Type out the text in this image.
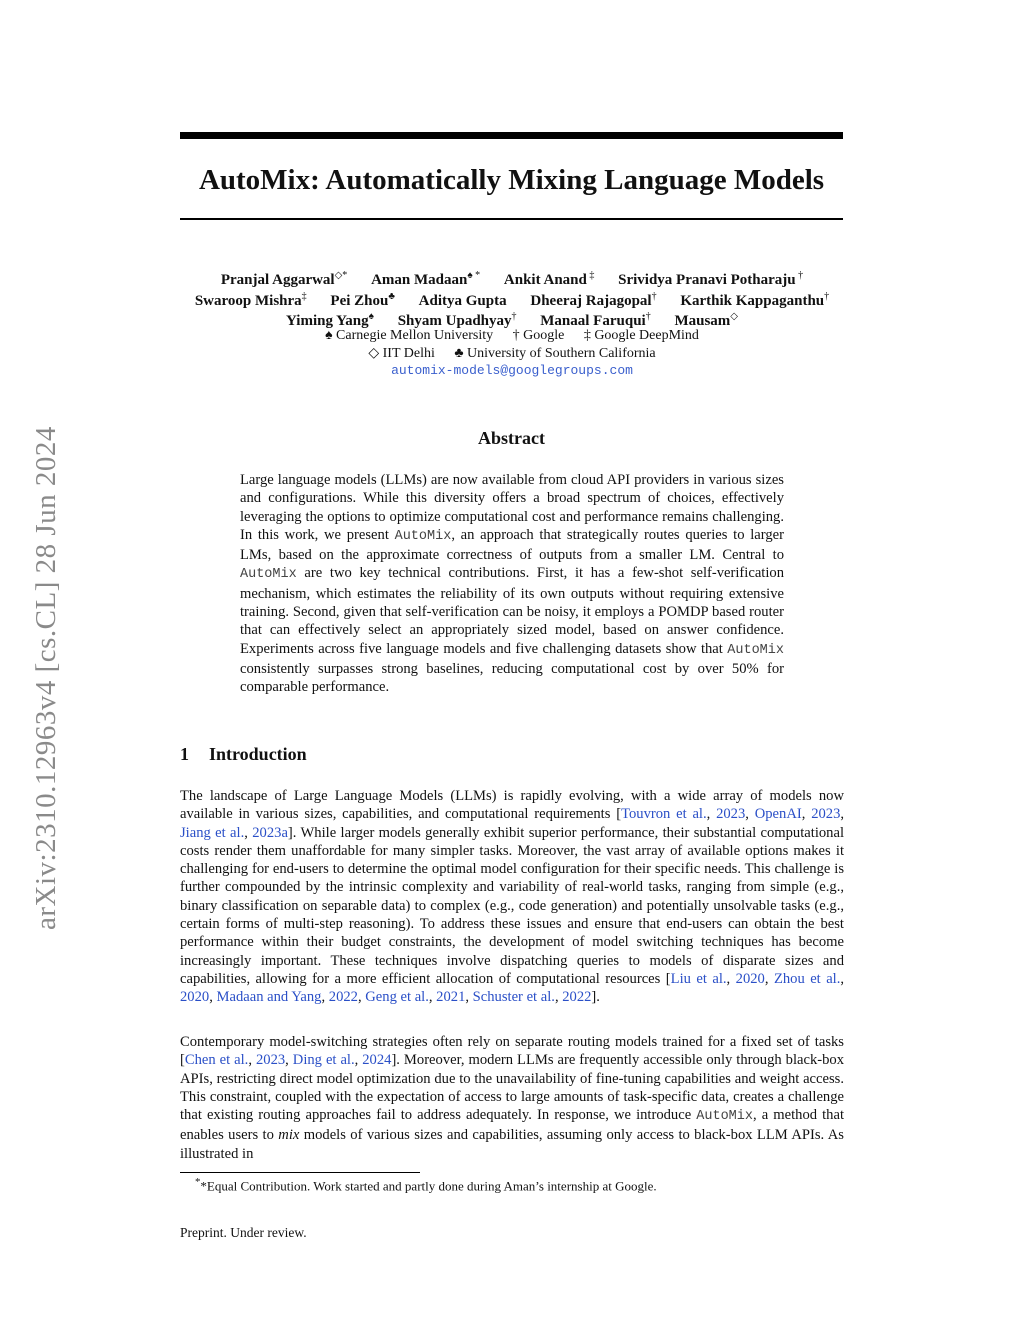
arXiv:2310.12963v4 [cs.CL] 28 Jun 2024
AutoMix: Automatically Mixing Language Models
Pranjal Aggarwal◇* Aman Madaan♠ * Ankit Anand ‡ Srividya Pranavi Potharaju †
Swaroop Mishra‡ Pei Zhou♣ Aditya Gupta Dheeraj Rajagopal† Karthik Kappaganthu†
Yiming Yang♠ Shyam Upadhyay† Manaal Faruqui† Mausam◇
♠ Carnegie Mellon University † Google ‡ Google DeepMind
◇ IIT Delhi ♣ University of Southern California
automix-models@googlegroups.com
Abstract
Large language models (LLMs) are now available from cloud API providers in various sizes and configurations. While this diversity offers a broad spectrum of choices, effectively leveraging the options to optimize computational cost and performance remains challenging. In this work, we present AutoMix, an approach that strategically routes queries to larger LMs, based on the approximate correctness of outputs from a smaller LM. Central to AutoMix are two key technical contributions. First, it has a few-shot self-verification mechanism, which estimates the reliability of its own outputs without requiring extensive training. Second, given that self-verification can be noisy, it employs a POMDP based router that can effectively select an appropriately sized model, based on answer confidence. Experiments across five language models and five challenging datasets show that AutoMix consistently surpasses strong baselines, reducing computational cost by over 50% for comparable performance.
1 Introduction
The landscape of Large Language Models (LLMs) is rapidly evolving, with a wide array of models now available in various sizes, capabilities, and computational requirements [Touvron et al., 2023, OpenAI, 2023, Jiang et al., 2023a]. While larger models generally exhibit superior performance, their substantial computational costs render them unaffordable for many simpler tasks. Moreover, the vast array of available options makes it challenging for end-users to determine the optimal model configuration for their specific needs. This challenge is further compounded by the intrinsic complexity and variability of real-world tasks, ranging from simple (e.g., binary classification on separable data) to complex (e.g., code generation) and potentially unsolvable tasks (e.g., certain forms of multi-step reasoning). To address these issues and ensure that end-users can obtain the best performance within their budget constraints, the development of model switching techniques has become increasingly important. These techniques involve dispatching queries to models of disparate sizes and capabilities, allowing for a more efficient allocation of computational resources [Liu et al., 2020, Zhou et al., 2020, Madaan and Yang, 2022, Geng et al., 2021, Schuster et al., 2022].
Contemporary model-switching strategies often rely on separate routing models trained for a fixed set of tasks [Chen et al., 2023, Ding et al., 2024]. Moreover, modern LLMs are frequently accessible only through black-box APIs, restricting direct model optimization due to the unavailability of fine-tuning capabilities and weight access. This constraint, coupled with the expectation of access to large amounts of task-specific data, creates a challenge that existing routing approaches fail to address adequately. In response, we introduce AutoMix, a method that enables users to mix models of various sizes and capabilities, assuming only access to black-box LLM APIs. As illustrated in
**Equal Contribution. Work started and partly done during Aman’s internship at Google.
Preprint. Under review.
